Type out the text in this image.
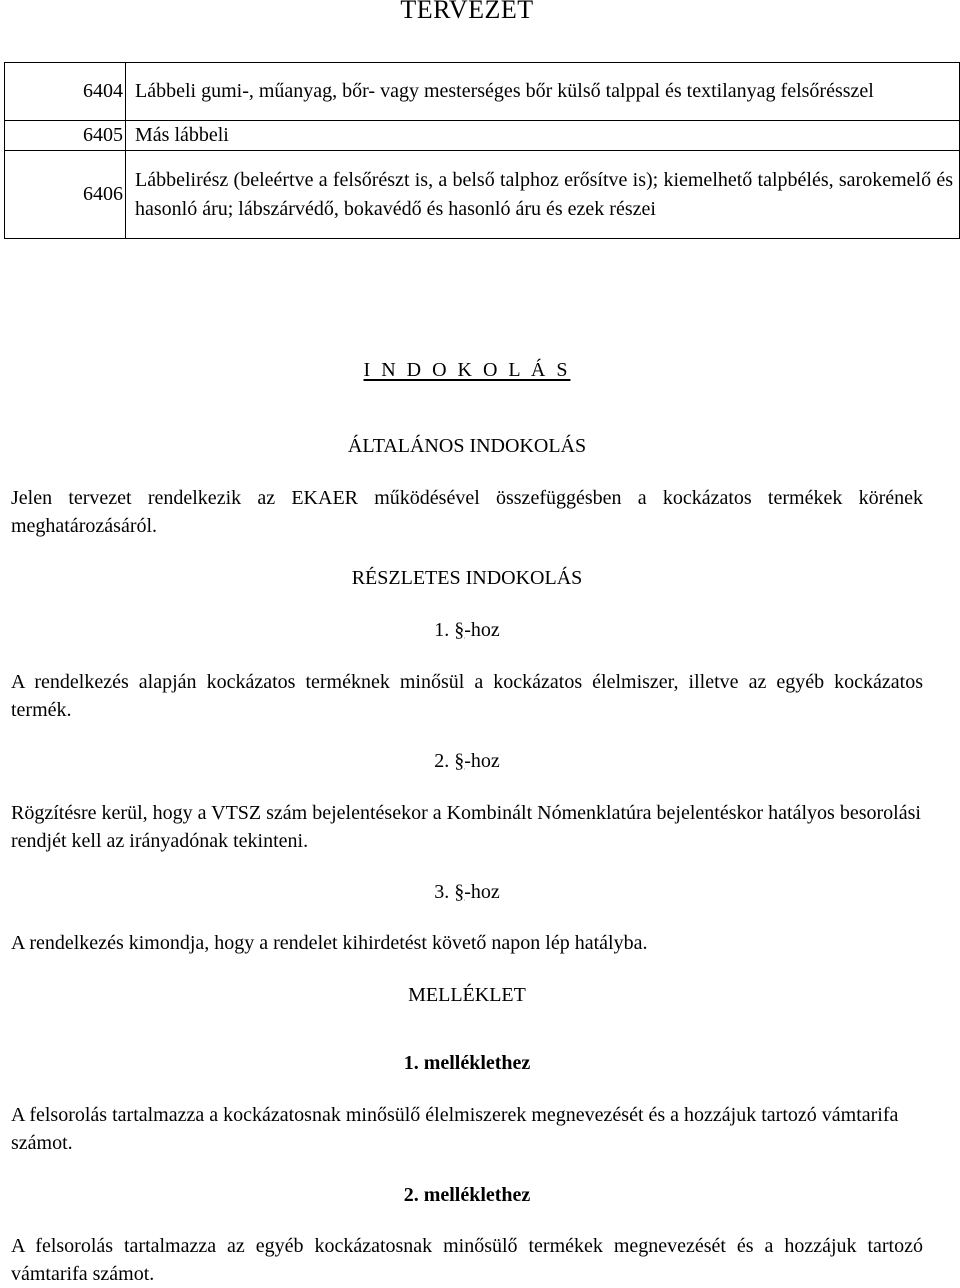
TERVEZET
6404	Lábbeli gumi-, műanyag, bőr- vagy mesterséges bőr külső talppal és textilanyag felsőrésszel
6405	Más lábbeli
6406	Lábbelirész (beleértve a felsőrészt is, a belső talphoz erősítve is); kiemelhető talpbélés, sarokemelő és hasonló áru; lábszárvédő, bokavédő és hasonló áru és ezek részei
I N D O K O L Á S
ÁLTALÁNOS INDOKOLÁS
Jelen tervezet rendelkezik az EKAER működésével összefüggésben a kockázatos termékek körének meghatározásáról.
RÉSZLETES INDOKOLÁS
1. §-hoz
A rendelkezés alapján kockázatos terméknek minősül a kockázatos élelmiszer, illetve az egyéb kockázatos termék.
2. §-hoz
Rögzítésre kerül, hogy a VTSZ szám bejelentésekor a Kombinált Nómenklatúra bejelentéskor hatályos besorolási rendjét kell az irányadónak tekinteni.
3. §-hoz
A rendelkezés kimondja, hogy a rendelet kihirdetést követő napon lép hatályba.
MELLÉKLET
1. melléklethez
A felsorolás tartalmazza a kockázatosnak minősülő élelmiszerek megnevezését és a hozzájuk tartozó vámtarifa számot.
2. melléklethez
A felsorolás tartalmazza az egyéb kockázatosnak minősülő termékek megnevezését és a hozzájuk tartozó vámtarifa számot.
